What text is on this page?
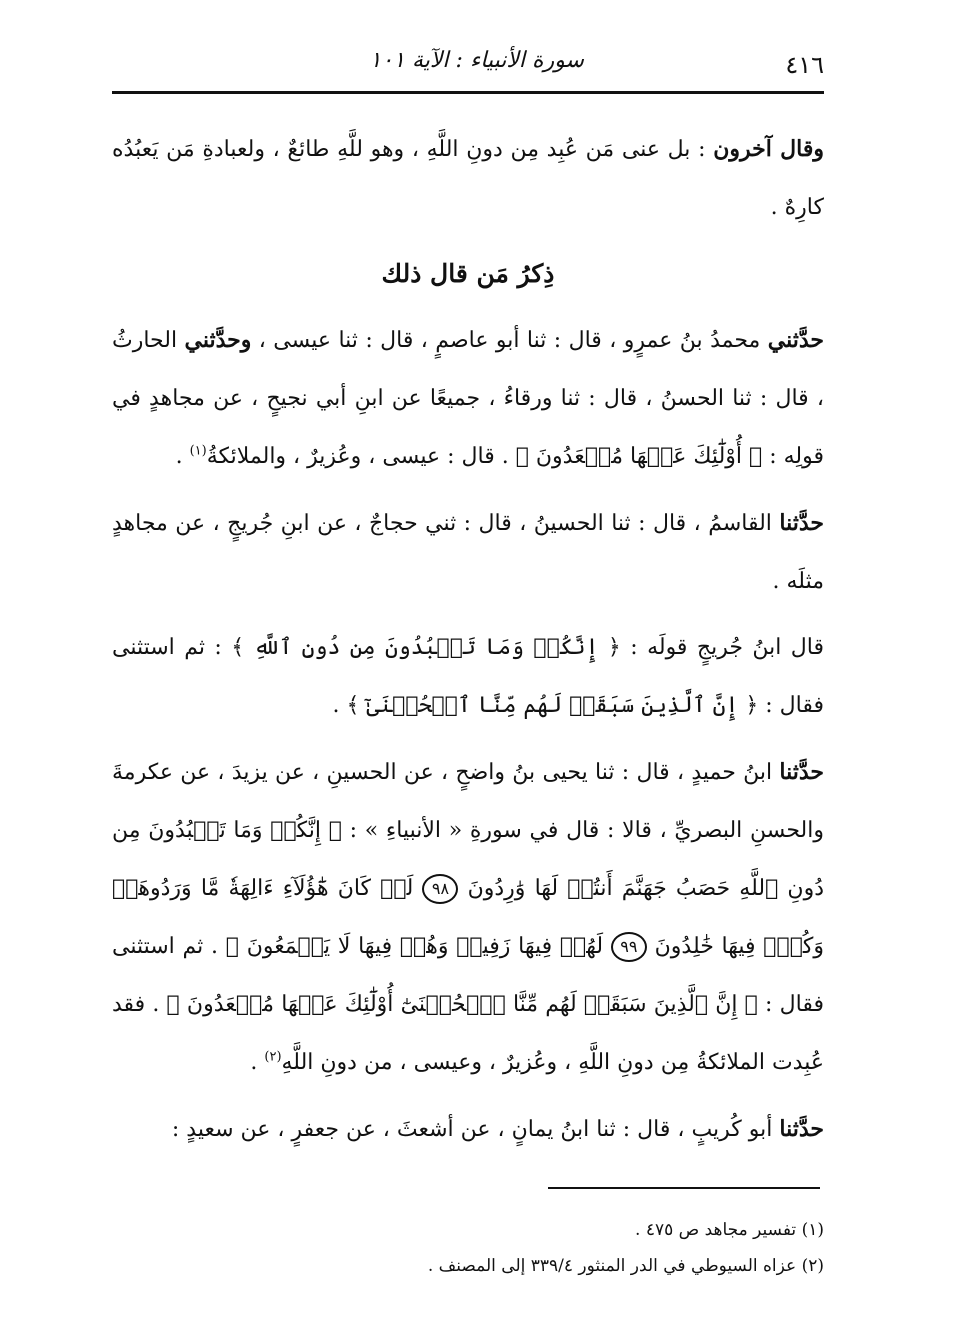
٤١٦
سورة الأنبياء : الآية ١٠١

وقال آخرون : بل عنى مَن عُبِد مِن دونِ اللَّهِ ، وهو للَّهِ طائعٌ ، ولعبادةِ مَن يَعبُدُه كارِهٌ .

ذِكرُ مَن قال ذلك

حدَّثني محمدُ بنُ عمرٍو ، قال : ثنا أبو عاصمٍ ، قال : ثنا عيسى ، وحدَّثني الحارثُ ، قال : ثنا الحسنُ ، قال : ثنا ورقاءُ ، جميعًا عن ابنِ أبي نجيحٍ ، عن مجاهدٍ في قولِه : ﴿ أُوْلَٰٓئِكَ عَنۡهَا مُبۡعَدُونَ ﴾ . قال : عيسى ، وعُزيرٌ ، والملائكةُ$^{(١)}$ .

حدَّثنا القاسمُ ، قال : ثنا الحسينُ ، قال : ثني حجاجٌ ، عن ابنِ جُريجٍ ، عن مجاهدٍ مثلَه .

قال ابنُ جُريجٍ قولَه : ﴿ إِنَّكُمۡ وَمَا تَعۡبُدُونَ مِن دُونِ ٱللَّهِ ﴾ : ثم استثنى فقال : ﴿ إِنَّ ٱلَّذِينَ سَبَقَتۡ لَهُم مِّنَّا ٱلۡحُسۡنَىٰٓ ﴾ .

حدَّثنا ابنُ حميدٍ ، قال : ثنا يحيى بنُ واضحٍ ، عن الحسينِ ، عن يزيدَ ، عن عكرمةَ والحسنِ البصريِّ ، قالا : قال في سورةِ « الأنبياءِ » : ﴿ إِنَّكُمۡ وَمَا تَعۡبُدُونَ مِن دُونِ ٱللَّهِ حَصَبُ جَهَنَّمَ أَنتُمۡ لَهَا وَٰرِدُونَ ٩٨ لَوۡ كَانَ هَٰٓؤُلَآءِ ءَالِهَةٗ مَّا وَرَدُوهَاۖ وَكُلّٞ فِيهَا خَٰلِدُونَ ٩٩ لَهُمۡ فِيهَا زَفِيرٞ وَهُمۡ فِيهَا لَا يَسۡمَعُونَ ﴾ . ثم استثنى فقال : ﴿ إِنَّ ٱلَّذِينَ سَبَقَتۡ لَهُم مِّنَّا ٱلۡحُسۡنَىٰٓ أُوْلَٰٓئِكَ عَنۡهَا مُبۡعَدُونَ ﴾ . فقد عُبِدت الملائكةُ مِن دونِ اللَّهِ ، وعُزيرٌ ، وعيسى ، من دونِ اللَّهِ$^{(٢)}$ .

حدَّثنا أبو كُريبٍ ، قال : ثنا ابنُ يمانٍ ، عن أشعثَ ، عن جعفرٍ ، عن سعيدٍ :

(١) تفسير مجاهد ص ٤٧٥ .

(٢) عزاه السيوطي في الدر المنثور ٣٣٩/٤ إلى المصنف .
